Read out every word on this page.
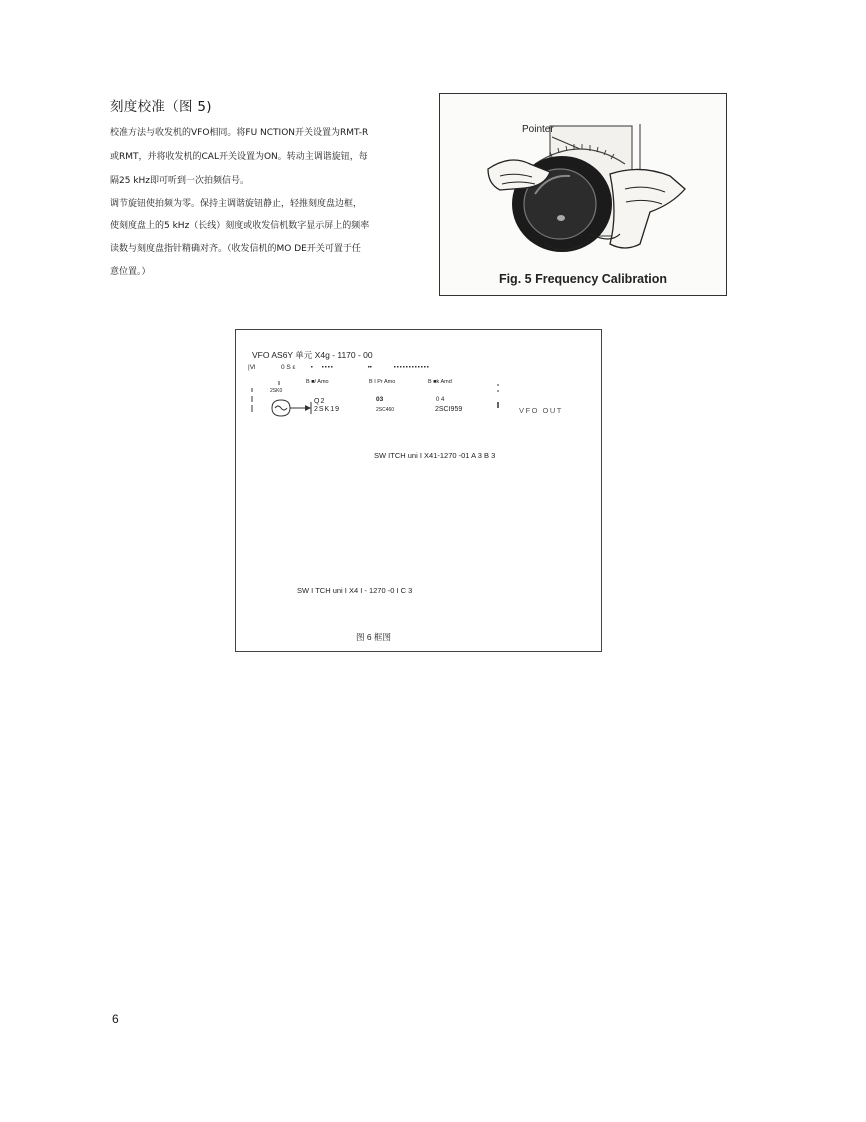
刻度校准（图 5)
校准方法与收发机的VFO相同。将FU NCTION开关设置为RMT-R
或RMT，并将收发机的CAL开关设置为ON。转动主调谐旋钮，每
隔25 kHz即可听到一次拍频信号。
调节旋钮使拍频为零。保持主调谐旋钮静止，轻推刻度盘边框，
使刻度盘上的5 kHz（长线）刻度或收发信机数字显示屏上的频率
读数与刻度盘指针精确对齐。（收发信机的MO DE开关可置于任
意位置。）
Pointer
Fig. 5 Frequency Calibration
VFO AS6Y 单元 X4g - 1170 - 00
|Vl	0 S ε
B ■/ Amo	B I Pr Amo	B ■k Amd
2SK0
Q2
2SK19
03
2SC460
0 4
2SCI959	VFO OUT
SW ITCH uni I X41-1270 -01 A 3 B 3
SW I TCH uni I X4 I - 1270 -0 I C 3
图 6 框图
6
